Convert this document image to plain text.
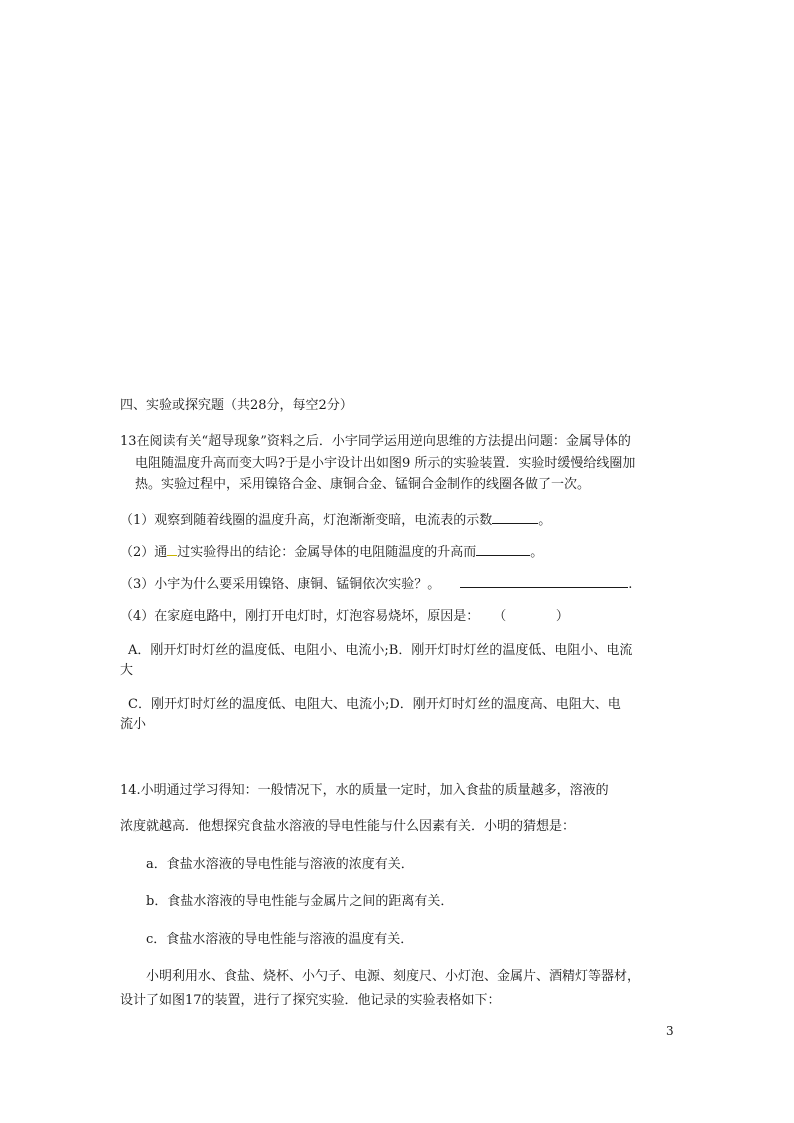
四、实验或探究题（共28分，每空2分）
13在阅读有关“超导现象”资料之后．小宇同学运用逆向思维的方法提出问题：金属导体的
电阻随温度升高而变大吗?于是小宇设计出如图9 所示的实验装置．实验时缓慢给线圈加
热。实验过程中，采用镍铬合金、康铜合金、锰铜合金制作的线圈各做了一次。
（1）观察到随着线圈的温度升高，灯泡渐渐变暗，电流表的示数	。
（2）通 过实验得出的结论：金属导体的电阻随温度的升高而	。
（3）小宇为什么要采用镍铬、康铜、锰铜依次实验？。	.
（4）在家庭电路中，刚打开电灯时，灯泡容易烧坏，原因是： （            ）
A．刚开灯时灯丝的温度低、电阻小、电流小;B．刚开灯时灯丝的温度低、电阻小、电流
大
C．刚开灯时灯丝的温度低、电阻大、电流小;D．刚开灯时灯丝的温度高、电阻大、电
流小
14.小明通过学习得知：一般情况下，水的质量一定时，加入食盐的质量越多，溶液的
浓度就越高．他想探究食盐水溶液的导电性能与什么因素有关．小明的猜想是：
a．食盐水溶液的导电性能与溶液的浓度有关．
b．食盐水溶液的导电性能与金属片之间的距离有关．
c．食盐水溶液的导电性能与溶液的温度有关．
小明利用水、食盐、烧杯、小勺子、电源、刻度尺、小灯泡、金属片、酒精灯等器材，
设计了如图17的装置，进行了探究实验．他记录的实验表格如下：
3
